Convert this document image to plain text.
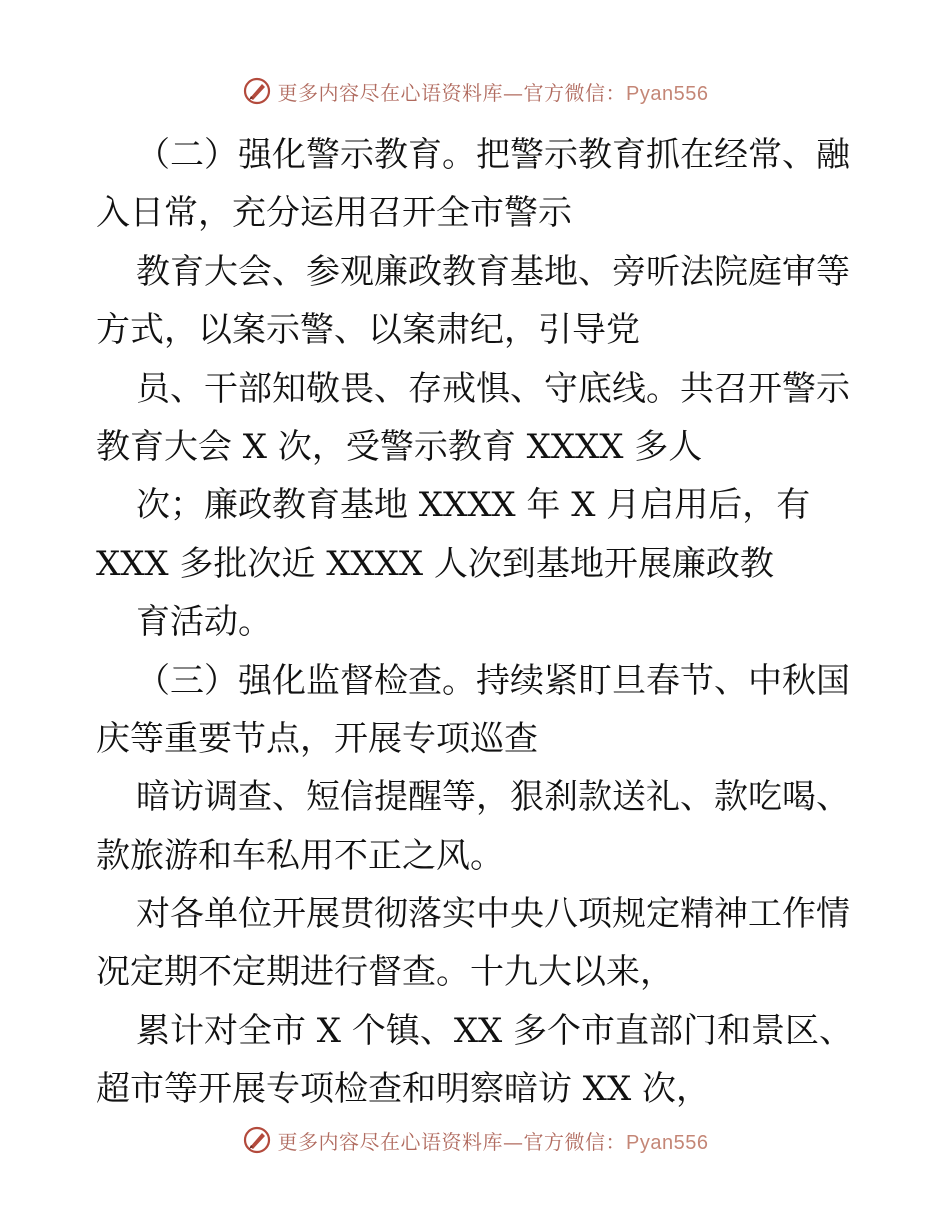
更多内容尽在心语资料库—官方微信：Pyan556
（二）强化警示教育。把警示教育抓在经常、融
入日常，充分运用召开全市警示
教育大会、参观廉政教育基地、旁听法院庭审等
方式，以案示警、以案肃纪，引导党
员、干部知敬畏、存戒惧、守底线。共召开警示
教育大会 X 次，受警示教育 XXXX 多人
次；廉政教育基地 XXXX 年 X 月启用后，有
XXX 多批次近 XXXX 人次到基地开展廉政教
育活动。
（三）强化监督检查。持续紧盯旦春节、中秋国
庆等重要节点，开展专项巡查
暗访调查、短信提醒等，狠刹款送礼、款吃喝、
款旅游和车私用不正之风。
对各单位开展贯彻落实中央八项规定精神工作情
况定期不定期进行督查。十九大以来，
累计对全市 X 个镇、XX 多个市直部门和景区、
超市等开展专项检查和明察暗访 XX 次，
更多内容尽在心语资料库—官方微信：Pyan556
